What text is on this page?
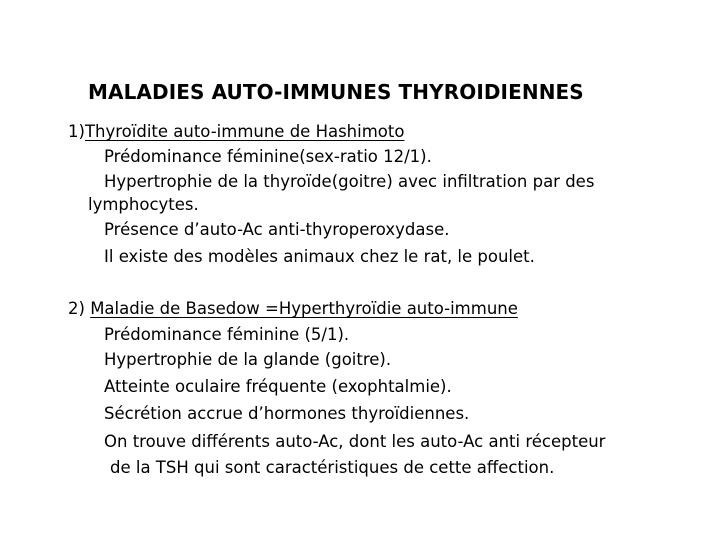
MALADIES AUTO-IMMUNES THYROIDIENNES
1)Thyroïdite auto-immune de Hashimoto
Prédominance féminine(sex-ratio 12/1).
Hypertrophie de la thyroïde(goitre) avec infiltration par des
lymphocytes.
Présence d’auto-Ac anti-thyroperoxydase.
Il existe des modèles animaux chez le rat, le poulet.
2) Maladie de Basedow =Hyperthyroïdie auto-immune
Prédominance féminine (5/1).
Hypertrophie de la glande (goitre).
Atteinte oculaire fréquente (exophtalmie).
Sécrétion accrue d’hormones thyroïdiennes.
On trouve différents auto-Ac, dont les auto-Ac anti récepteur
de la TSH qui sont caractéristiques de cette affection.
